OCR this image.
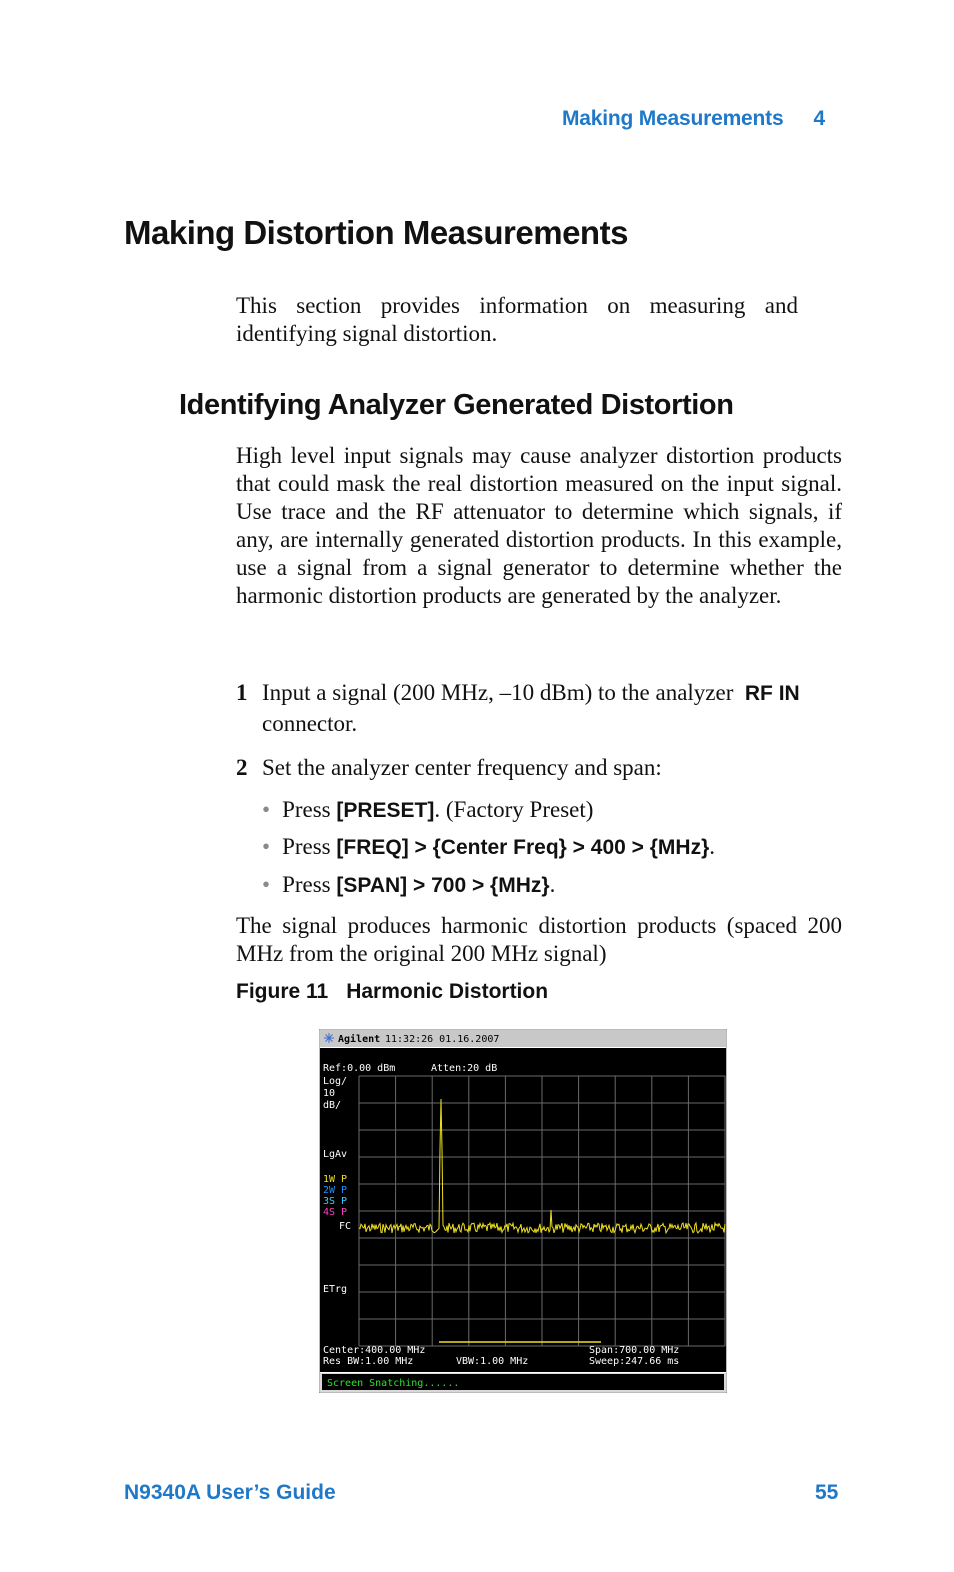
Making Measurements 4
Making Distortion Measurements

This section provides information on measuring and identifying signal distortion.

Identifying Analyzer Generated Distortion

High level input signals may cause analyzer distortion products that could mask the real distortion measured on the input signal. Use trace and the RF attenuator to determine which signals, if any, are internally generated distortion products. In this example, use a signal from a signal generator to determine whether the harmonic distortion products are generated by the analyzer.

1 Input a signal (200 MHz, –10 dBm) to the analyzer RF IN connector.
2 Set the analyzer center frequency and span:
• Press [PRESET]. (Factory Preset)
• Press [FREQ] > {Center Freq} > 400 > {MHz}.
• Press [SPAN] > 700 > {MHz}.

The signal produces harmonic distortion products (spaced 200 MHz from the original 200 MHz signal)

Figure 11 Harmonic Distortion
Agilent 11:32:26 01.16.2007
Ref:0.00 dBm	Atten:20 dB
Log/
10
dB/
LgAv
1W P
2W P
3S P
4S P
FC
ETrg
Center:400.00 MHz	Span:700.00 MHz
Res BW:1.00 MHz	VBW:1.00 MHz	Sweep:247.66 ms
Screen Snatching......
N9340A User’s Guide	55
